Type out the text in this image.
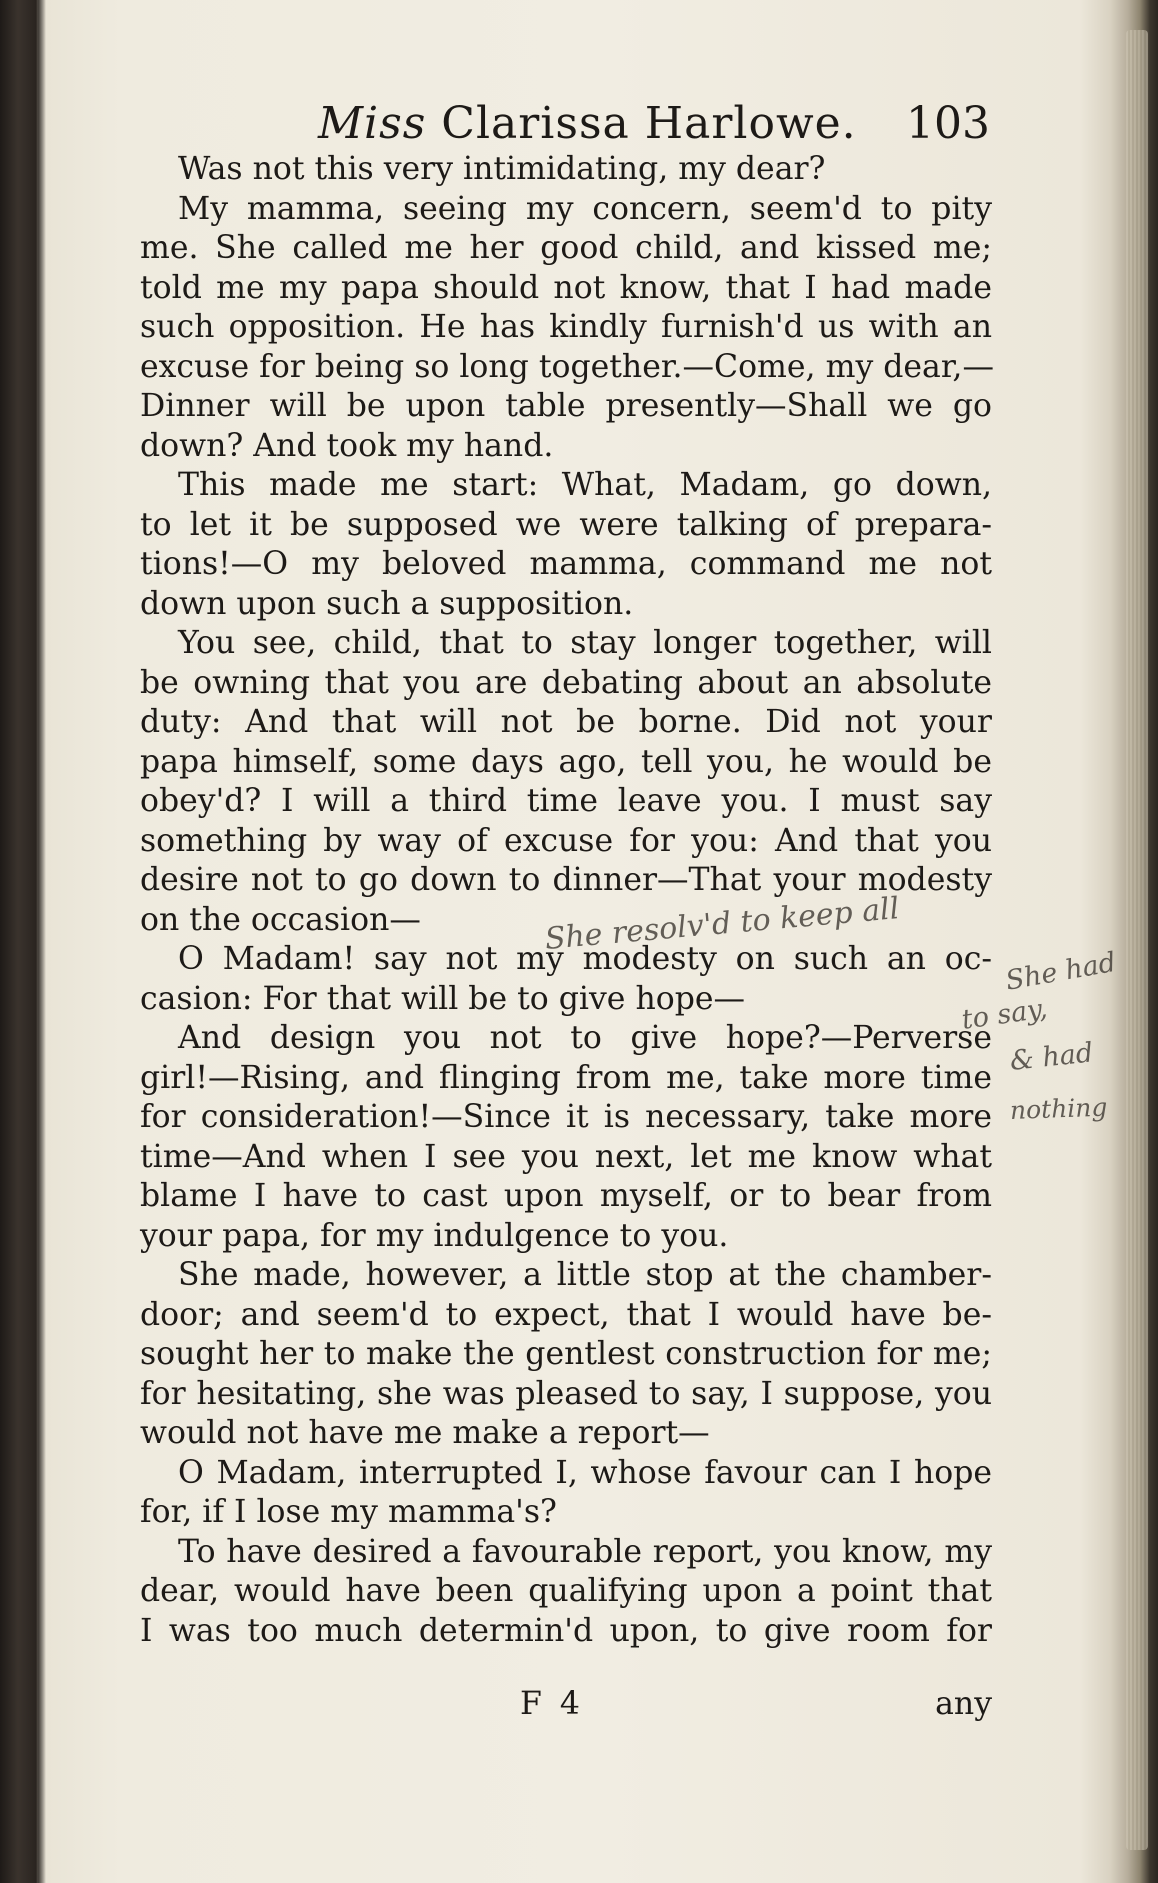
Miss Clarissa Harlowe. 103
Was not this very intimidating, my dear?
My mamma, seeing my concern, seem'd to pity
me. She called me her good child, and kissed me;
told me my papa should not know, that I had made
such opposition. He has kindly furnish'd us with an
excuse for being so long together.—Come, my dear,—
Dinner will be upon table presently—Shall we go
down? And took my hand.
This made me start: What, Madam, go down,
to let it be supposed we were talking of prepara-
tions!—O my beloved mamma, command me not
down upon such a supposition.
You see, child, that to stay longer together, will
be owning that you are debating about an absolute
duty: And that will not be borne. Did not your
papa himself, some days ago, tell you, he would be
obey'd? I will a third time leave you. I must say
something by way of excuse for you: And that you
desire not to go down to dinner—That your modesty
on the occasion—
O Madam! say not my modesty on such an oc-
casion: For that will be to give hope—
And design you not to give hope?—Perverse
girl!—Rising, and flinging from me, take more time
for consideration!—Since it is necessary, take more
time—And when I see you next, let me know what
blame I have to cast upon myself, or to bear from
your papa, for my indulgence to you.
She made, however, a little stop at the chamber-
door; and seem'd to expect, that I would have be-
sought her to make the gentlest construction for me;
for hesitating, she was pleased to say, I suppose, you
would not have me make a report—
O Madam, interrupted I, whose favour can I hope
for, if I lose my mamma's?
To have desired a favourable report, you know, my
dear, would have been qualifying upon a point that
I was too much determin'd upon, to give room for
F 4	any
She resolv'd to keep all
She had
to say,
& had
nothing
